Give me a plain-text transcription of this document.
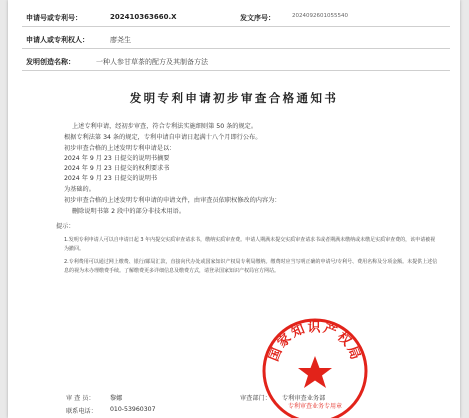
申请号或专利号：	202410363660.X	发文序号：	2024092601055540
申请人或专利权人：	廖尧生
发明创造名称：	一种人参甘草茶的配方及其制备方法
发明专利申请初步审查合格通知书
上述专利申请，经初步审查，符合专利法实施细则第 50 条的规定。
根据专利法第 34 条的规定，专利申请自申请日起满十八个月即行公布。
初步审查合格的上述发明专利申请是以：
2024 年 9 月 23 日提交的说明书摘要
2024 年 9 月 23 日提交的权利要求书
2024 年 9 月 23 日提交的说明书
为基础的。
初步审查合格的上述发明专利申请的申请文件，由审查员依职权修改的内容为：
删除说明书第 2 段中的部分非技术用语。
提示：
1.发明专利申请人可以自申请日起 3 年内提交实质审查请求书，缴纳实质审查费。申请人期满未提交实质审查请求书或者期满未缴纳或未缴足实质审查费的，该申请被视为撤回。
2.专利费用可以通过网上缴费、银行/邮局汇款，直接向代办处或国家知识产权局专利局缴纳。缴费时应当写明正确的申请号/专利号、费用名称及分项金额。未提供上述信息的视为未办理缴费手续。了解缴费更多详细信息及缴费方式，请登录国家知识产权局官方网站。
国家知识产权局
专利审查业务专用章
审 查 员： 黎娜	审查部门： 专利审查业务部
联系电话： 010-53960307
